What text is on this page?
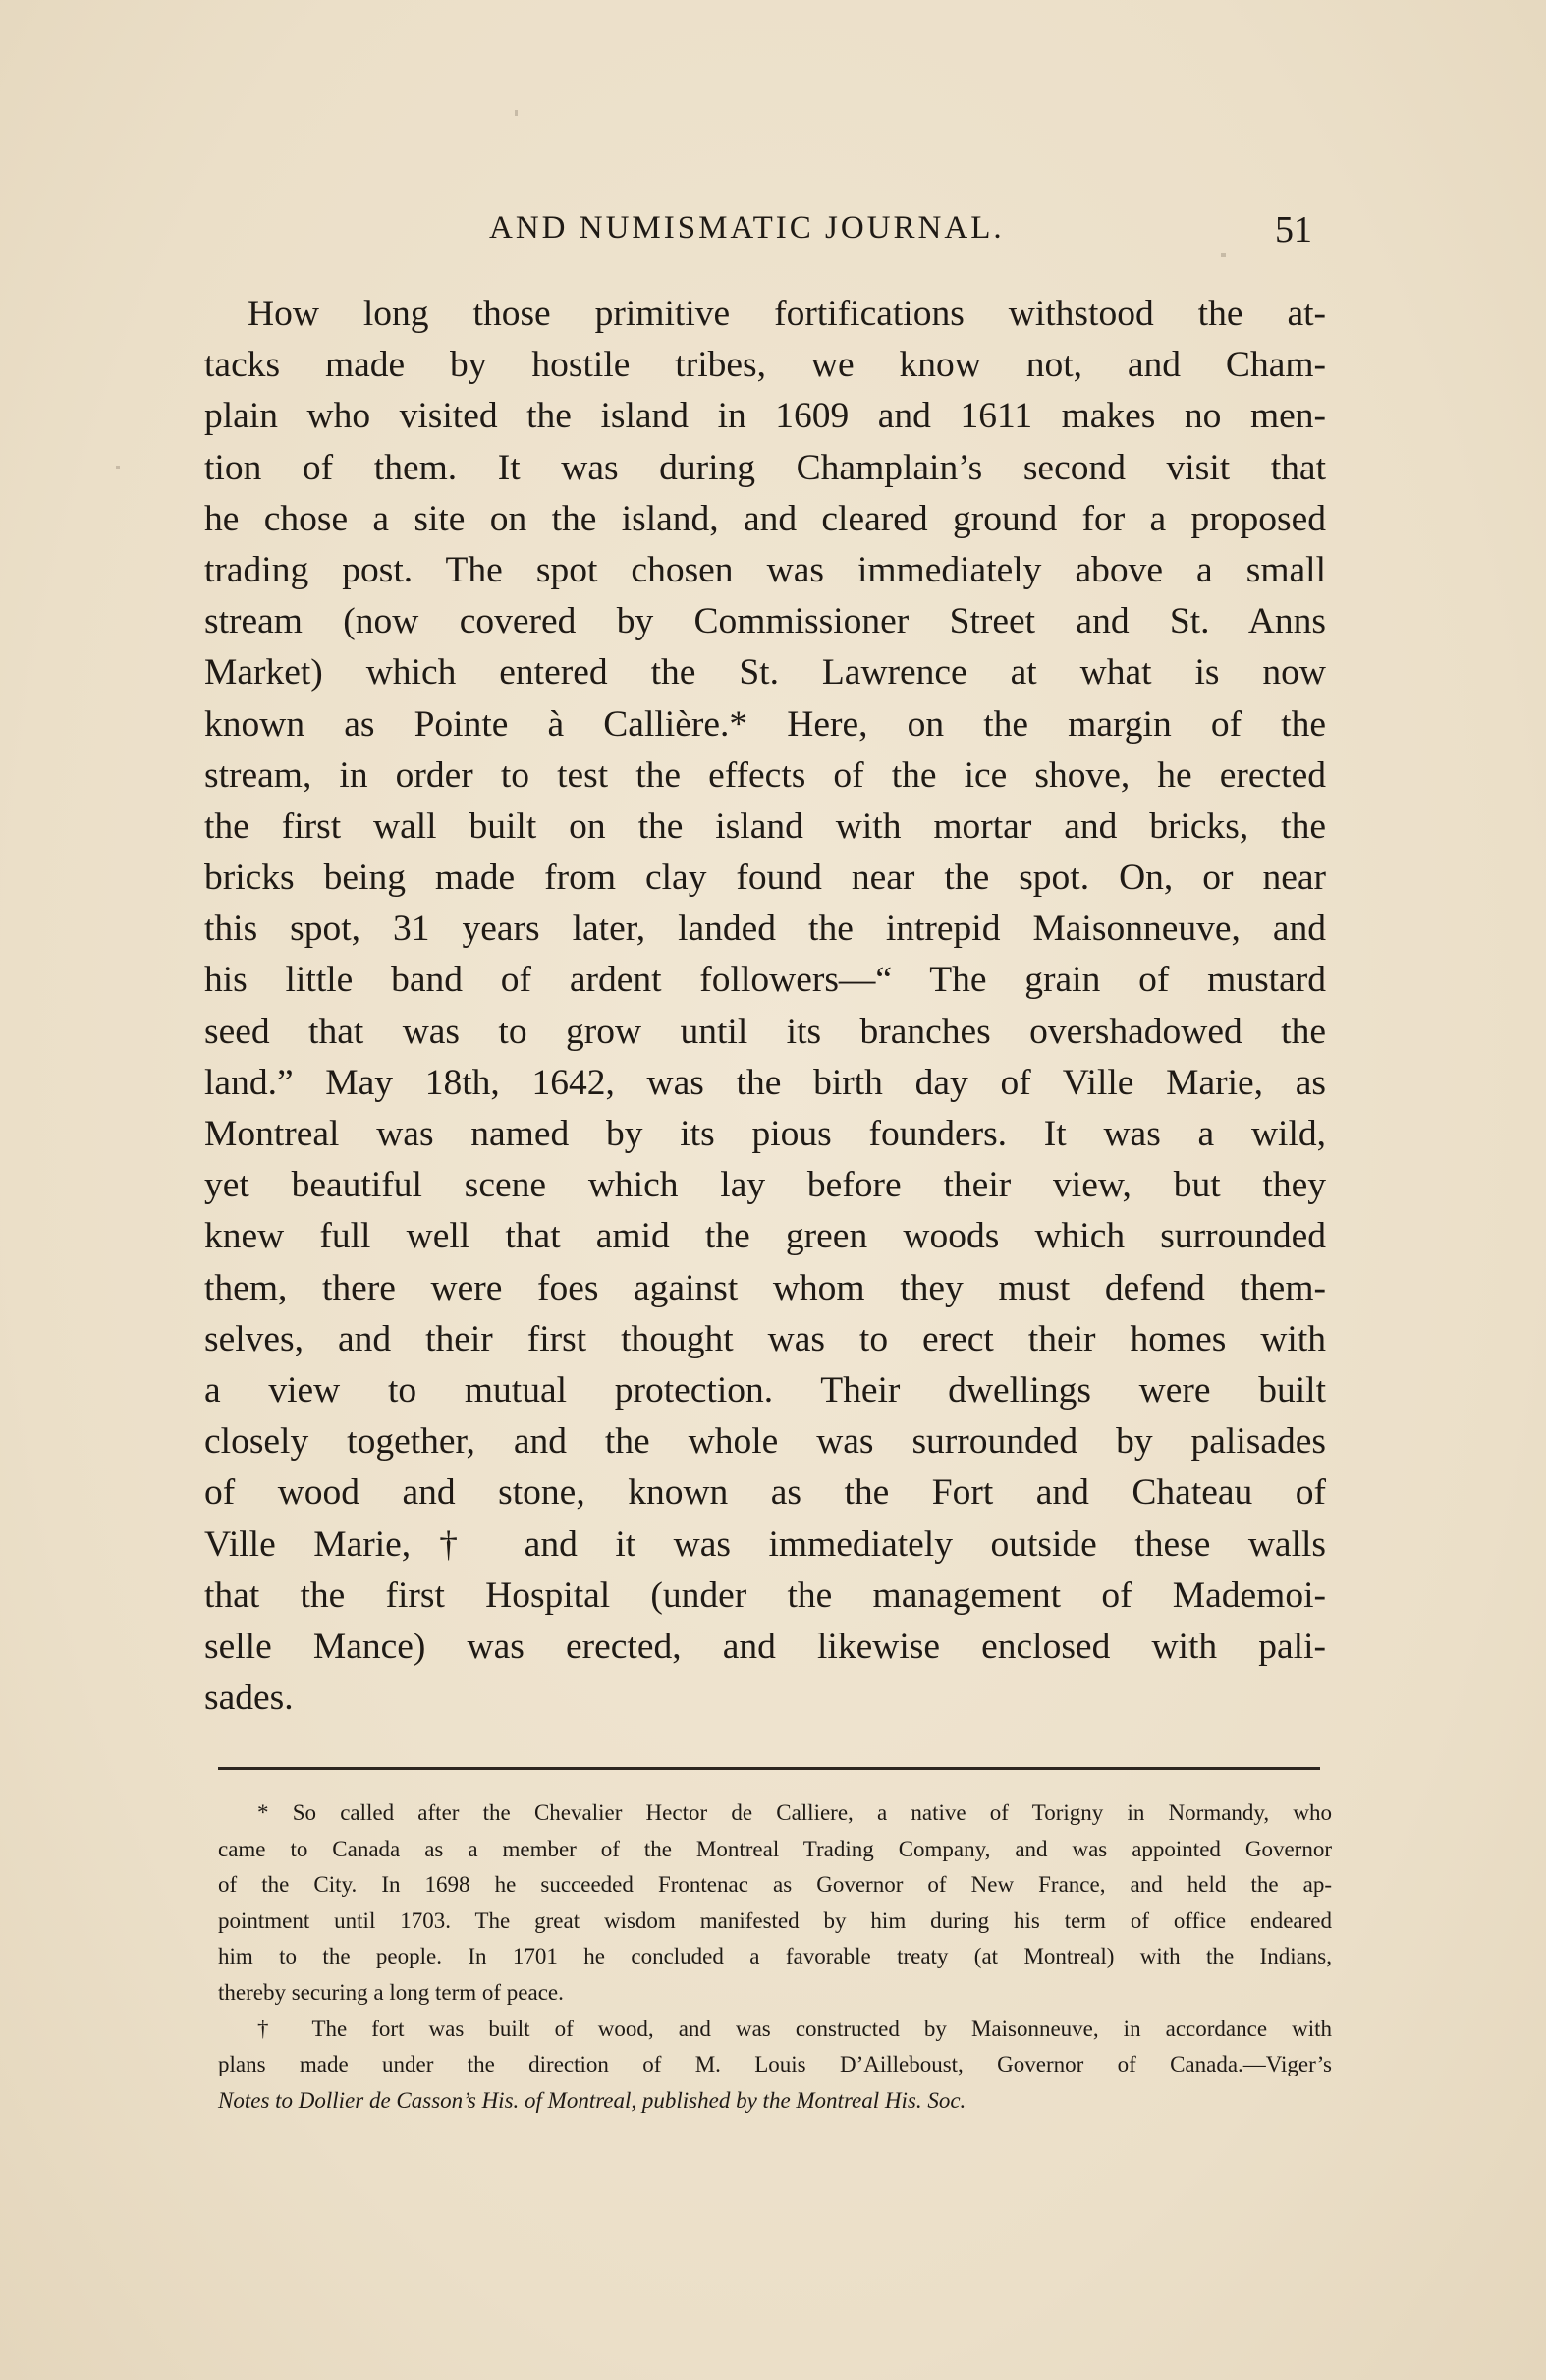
AND NUMISMATIC JOURNAL.	51
How long those primitive fortifications withstood the at-
tacks made by hostile tribes, we know not, and Cham-
plain who visited the island in 1609 and 1611 makes no men-
tion of them. It was during Champlain’s second visit that
he chose a site on the island, and cleared ground for a proposed
trading post. The spot chosen was immediately above a small
stream (now covered by Commissioner Street and St. Anns
Market) which entered the St. Lawrence at what is now
known as Pointe à Callière.* Here, on the margin of the
stream, in order to test the effects of the ice shove, he erected
the first wall built on the island with mortar and bricks, the
bricks being made from clay found near the spot. On, or near
this spot, 31 years later, landed the intrepid Maisonneuve, and
his little band of ardent followers—“ The grain of mustard
seed that was to grow until its branches overshadowed the
land.” May 18th, 1642, was the birth day of Ville Marie, as
Montreal was named by its pious founders. It was a wild,
yet beautiful scene which lay before their view, but they
knew full well that amid the green woods which surrounded
them, there were foes against whom they must defend them-
selves, and their first thought was to erect their homes with
a view to mutual protection. Their dwellings were built
closely together, and the whole was surrounded by palisades
of wood and stone, known as the Fort and Chateau of
Ville Marie,† and it was immediately outside these walls
that the first Hospital (under the management of Mademoi-
selle Mance) was erected, and likewise enclosed with pali-
sades.
* So called after the Chevalier Hector de Calliere, a native of Torigny in Normandy, who
came to Canada as a member of the Montreal Trading Company, and was appointed Governor
of the City. In 1698 he succeeded Frontenac as Governor of New France, and held the ap-
pointment until 1703. The great wisdom manifested by him during his term of office endeared
him to the people. In 1701 he concluded a favorable treaty (at Montreal) with the Indians,
thereby securing a long term of peace.
† The fort was built of wood, and was constructed by Maisonneuve, in accordance with
plans made under the direction of M. Louis D’Ailleboust, Governor of Canada.—Viger’s
Notes to Dollier de Casson’s His. of Montreal, published by the Montreal His. Soc.
